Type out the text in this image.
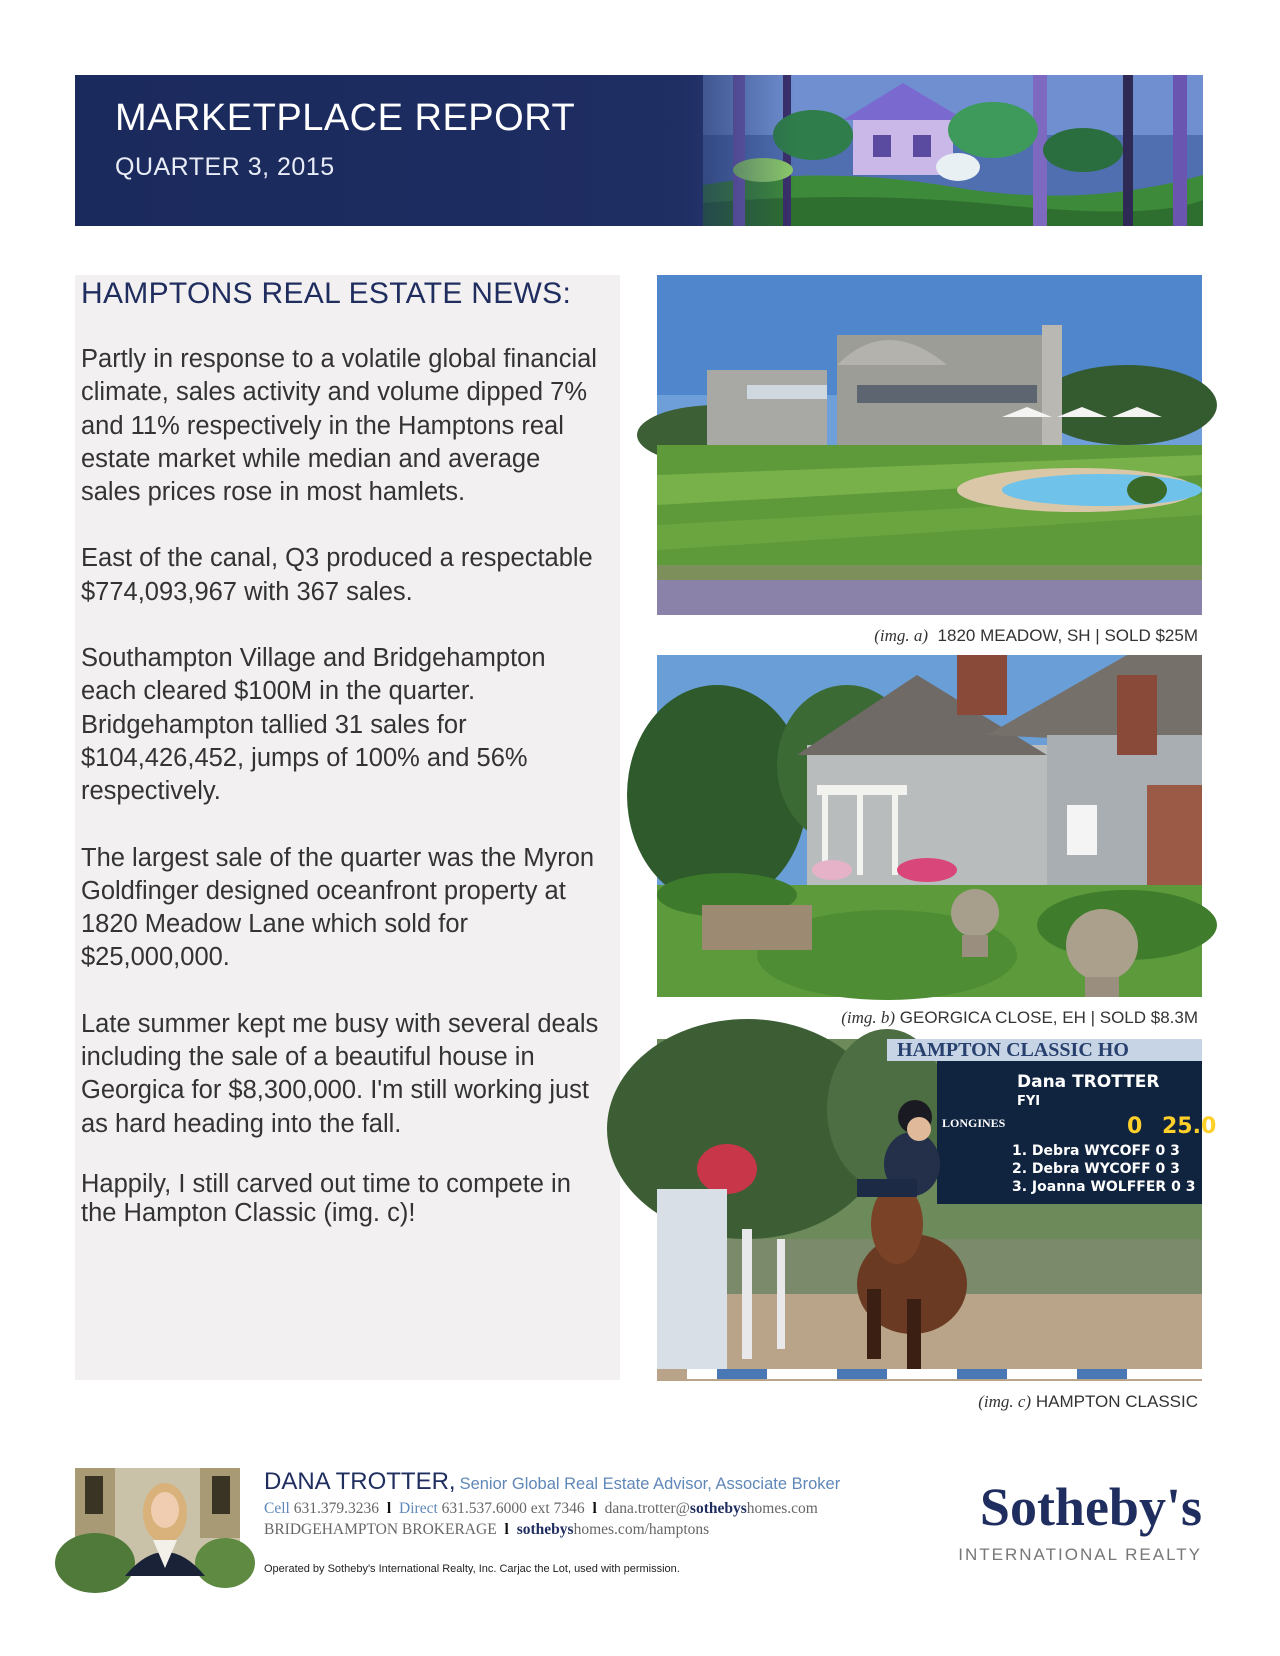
MARKETPLACE REPORT
QUARTER 3, 2015
HAMPTONS REAL ESTATE NEWS:

Partly in response to a volatile global financial climate, sales activity and volume dipped 7% and 11% respectively in the Hamptons real estate market while median and average sales prices rose in most hamlets.

East of the canal, Q3 produced a respectable $774,093,967 with 367 sales.

Southampton Village and Bridgehampton each cleared $100M in the quarter. Bridgehampton tallied 31 sales for $104,426,452, jumps of 100% and 56% respectively.

The largest sale of the quarter was the Myron Goldfinger designed oceanfront property at 1820 Meadow Lane which sold for $25,000,000.

Late summer kept me busy with several deals including the sale of a beautiful house in Georgica for $8,300,000. I'm still working just as hard heading into the fall.

Happily, I still carved out time to compete in the Hampton Classic (img. c)!

(img. a) 1820 MEADOW, SH | SOLD $25M
(img. b) GEORGICA CLOSE, EH | SOLD $8.3M
HAMPTON CLASSIC HO
Dana TROTTER
FYI
LONGINES	0 25.0
1. Debra WYCOFF 0 3
2. Debra WYCOFF 0 3
3. Joanna WOLFFER 0 3
(img. c) HAMPTON CLASSIC
DANA TROTTER, Senior Global Real Estate Advisor, Associate Broker
Cell 631.379.3236 l Direct 631.537.6000 ext 7346 l dana.trotter@sothebyshomes.com
BRIDGEHAMPTON BROKERAGE l sothebyshomes.com/hamptons
Operated by Sotheby's International Realty, Inc. Carjac the Lot, used with permission.
Sotheby's
INTERNATIONAL REALTY
